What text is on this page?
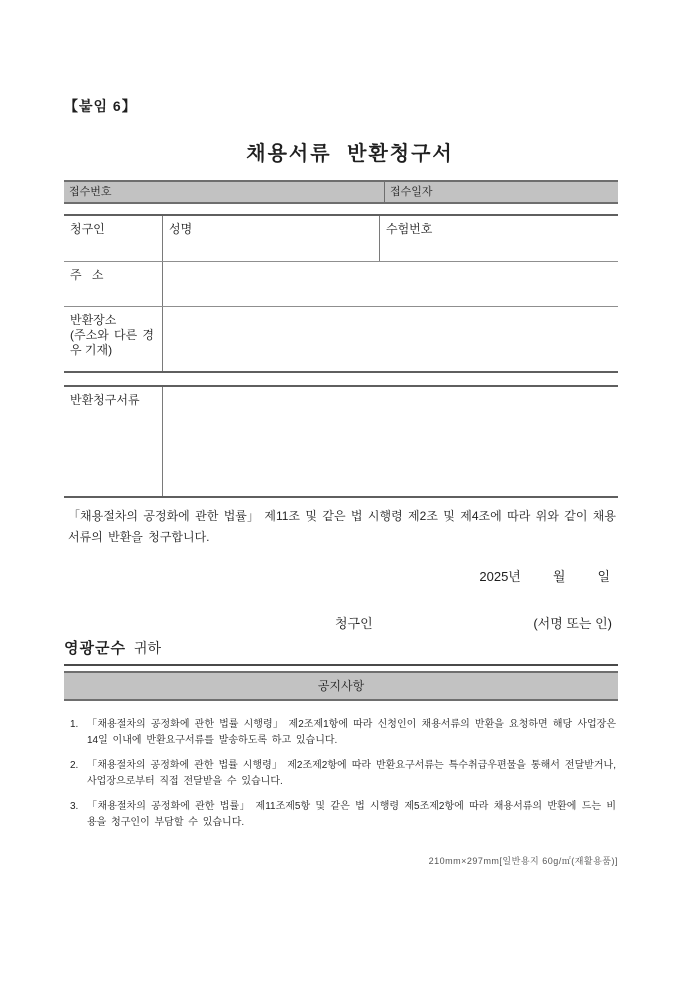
채용서류 반환청구서
【붙임 6】
접수번호	접수일자
청구인	성명	수험번호
주 소
반환장소
(주소와 다른 경우 기재)
반환청구서류
「채용절차의 공정화에 관한 법률」 제11조 및 같은 법 시행령 제2조 및 제4조에 따라 위와 같이 채용서류의 반환을 청구합니다.
2025년 월 일
청구인	(서명 또는 인)
영광군수 귀하
공지사항
1. 「채용절차의 공정화에 관한 법률 시행령」 제2조제1항에 따라 신청인이 채용서류의 반환을 요청하면 해당 사업장은 14일 이내에 반환요구서류를 발송하도록 하고 있습니다.
2. 「채용절차의 공정화에 관한 법률 시행령」 제2조제2항에 따라 반환요구서류는 특수취급우편물을 통해서 전달받거나, 사업장으로부터 직접 전달받을 수 있습니다.
3. 「채용절차의 공정화에 관한 법률」 제11조제5항 및 같은 법 시행령 제5조제2항에 따라 채용서류의 반환에 드는 비용을 청구인이 부담할 수 있습니다.
210mm×297mm[일반용지 60g/㎡(재활용품)]
